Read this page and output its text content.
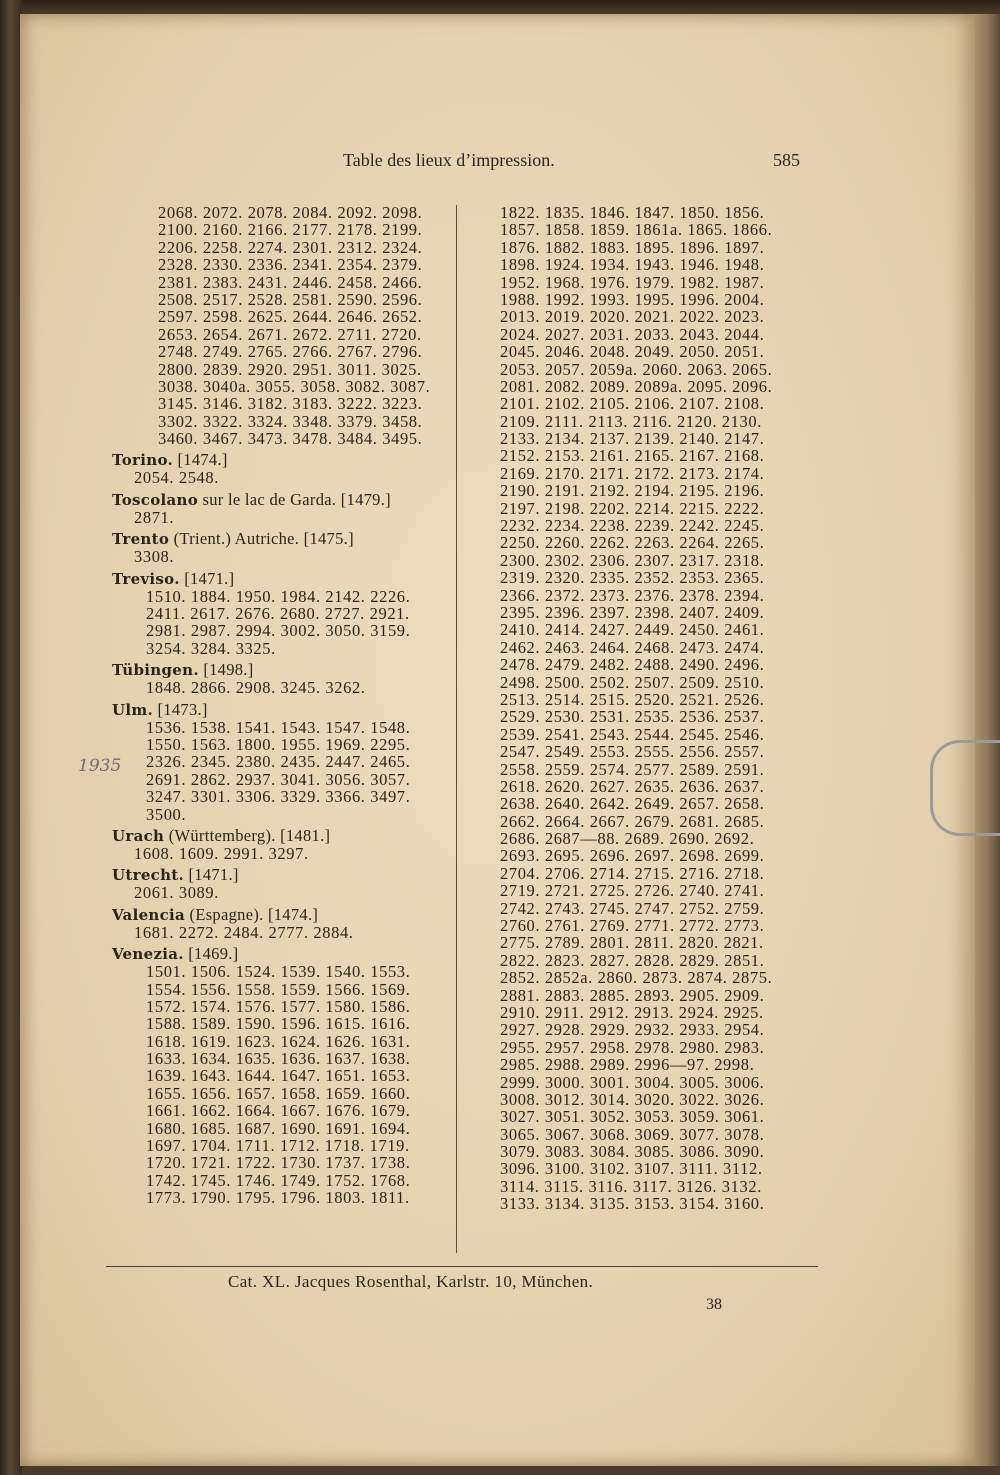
Table des lieux d’impression.	585
2068. 2072. 2078. 2084. 2092. 2098.
2100. 2160. 2166. 2177. 2178. 2199.
2206. 2258. 2274. 2301. 2312. 2324.
2328. 2330. 2336. 2341. 2354. 2379.
2381. 2383. 2431. 2446. 2458. 2466.
2508. 2517. 2528. 2581. 2590. 2596.
2597. 2598. 2625. 2644. 2646. 2652.
2653. 2654. 2671. 2672. 2711. 2720.
2748. 2749. 2765. 2766. 2767. 2796.
2800. 2839. 2920. 2951. 3011. 3025.
3038. 3040a. 3055. 3058. 3082. 3087.
3145. 3146. 3182. 3183. 3222. 3223.
3302. 3322. 3324. 3348. 3379. 3458.
3460. 3467. 3473. 3478. 3484. 3495.
Torino. [1474.]
2054. 2548.
Toscolano sur le lac de Garda. [1479.]
2871.
Trento (Trient.) Autriche. [1475.]
3308.
Treviso. [1471.]
1510. 1884. 1950. 1984. 2142. 2226.
2411. 2617. 2676. 2680. 2727. 2921.
2981. 2987. 2994. 3002. 3050. 3159.
3254. 3284. 3325.
Tübingen. [1498.]
1848. 2866. 2908. 3245. 3262.
Ulm. [1473.]
1536. 1538. 1541. 1543. 1547. 1548.
1550. 1563. 1800. 1955. 1969. 2295.
2326. 2345. 2380. 2435. 2447. 2465.
2691. 2862. 2937. 3041. 3056. 3057.
3247. 3301. 3306. 3329. 3366. 3497.
3500.
Urach (Württemberg). [1481.]
1608. 1609. 2991. 3297.
Utrecht. [1471.]
2061. 3089.
Valencia (Espagne). [1474.]
1681. 2272. 2484. 2777. 2884.
Venezia. [1469.]
1501. 1506. 1524. 1539. 1540. 1553.
1554. 1556. 1558. 1559. 1566. 1569.
1572. 1574. 1576. 1577. 1580. 1586.
1588. 1589. 1590. 1596. 1615. 1616.
1618. 1619. 1623. 1624. 1626. 1631.
1633. 1634. 1635. 1636. 1637. 1638.
1639. 1643. 1644. 1647. 1651. 1653.
1655. 1656. 1657. 1658. 1659. 1660.
1661. 1662. 1664. 1667. 1676. 1679.
1680. 1685. 1687. 1690. 1691. 1694.
1697. 1704. 1711. 1712. 1718. 1719.
1720. 1721. 1722. 1730. 1737. 1738.
1742. 1745. 1746. 1749. 1752. 1768.
1773. 1790. 1795. 1796. 1803. 1811.
1822. 1835. 1846. 1847. 1850. 1856.
1857. 1858. 1859. 1861a. 1865. 1866.
1876. 1882. 1883. 1895. 1896. 1897.
1898. 1924. 1934. 1943. 1946. 1948.
1952. 1968. 1976. 1979. 1982. 1987.
1988. 1992. 1993. 1995. 1996. 2004.
2013. 2019. 2020. 2021. 2022. 2023.
2024. 2027. 2031. 2033. 2043. 2044.
2045. 2046. 2048. 2049. 2050. 2051.
2053. 2057. 2059a. 2060. 2063. 2065.
2081. 2082. 2089. 2089a. 2095. 2096.
2101. 2102. 2105. 2106. 2107. 2108.
2109. 2111. 2113. 2116. 2120. 2130.
2133. 2134. 2137. 2139. 2140. 2147.
2152. 2153. 2161. 2165. 2167. 2168.
2169. 2170. 2171. 2172. 2173. 2174.
2190. 2191. 2192. 2194. 2195. 2196.
2197. 2198. 2202. 2214. 2215. 2222.
2232. 2234. 2238. 2239. 2242. 2245.
2250. 2260. 2262. 2263. 2264. 2265.
2300. 2302. 2306. 2307. 2317. 2318.
2319. 2320. 2335. 2352. 2353. 2365.
2366. 2372. 2373. 2376. 2378. 2394.
2395. 2396. 2397. 2398. 2407. 2409.
2410. 2414. 2427. 2449. 2450. 2461.
2462. 2463. 2464. 2468. 2473. 2474.
2478. 2479. 2482. 2488. 2490. 2496.
2498. 2500. 2502. 2507. 2509. 2510.
2513. 2514. 2515. 2520. 2521. 2526.
2529. 2530. 2531. 2535. 2536. 2537.
2539. 2541. 2543. 2544. 2545. 2546.
2547. 2549. 2553. 2555. 2556. 2557.
2558. 2559. 2574. 2577. 2589. 2591.
2618. 2620. 2627. 2635. 2636. 2637.
2638. 2640. 2642. 2649. 2657. 2658.
2662. 2664. 2667. 2679. 2681. 2685.
2686. 2687—88. 2689. 2690. 2692.
2693. 2695. 2696. 2697. 2698. 2699.
2704. 2706. 2714. 2715. 2716. 2718.
2719. 2721. 2725. 2726. 2740. 2741.
2742. 2743. 2745. 2747. 2752. 2759.
2760. 2761. 2769. 2771. 2772. 2773.
2775. 2789. 2801. 2811. 2820. 2821.
2822. 2823. 2827. 2828. 2829. 2851.
2852. 2852a. 2860. 2873. 2874. 2875.
2881. 2883. 2885. 2893. 2905. 2909.
2910. 2911. 2912. 2913. 2924. 2925.
2927. 2928. 2929. 2932. 2933. 2954.
2955. 2957. 2958. 2978. 2980. 2983.
2985. 2988. 2989. 2996—97. 2998.
2999. 3000. 3001. 3004. 3005. 3006.
3008. 3012. 3014. 3020. 3022. 3026.
3027. 3051. 3052. 3053. 3059. 3061.
3065. 3067. 3068. 3069. 3077. 3078.
3079. 3083. 3084. 3085. 3086. 3090.
3096. 3100. 3102. 3107. 3111. 3112.
3114. 3115. 3116. 3117. 3126. 3132.
3133. 3134. 3135. 3153. 3154. 3160.
1935
Cat. XL. Jacques Rosenthal, Karlstr. 10, München.
38
